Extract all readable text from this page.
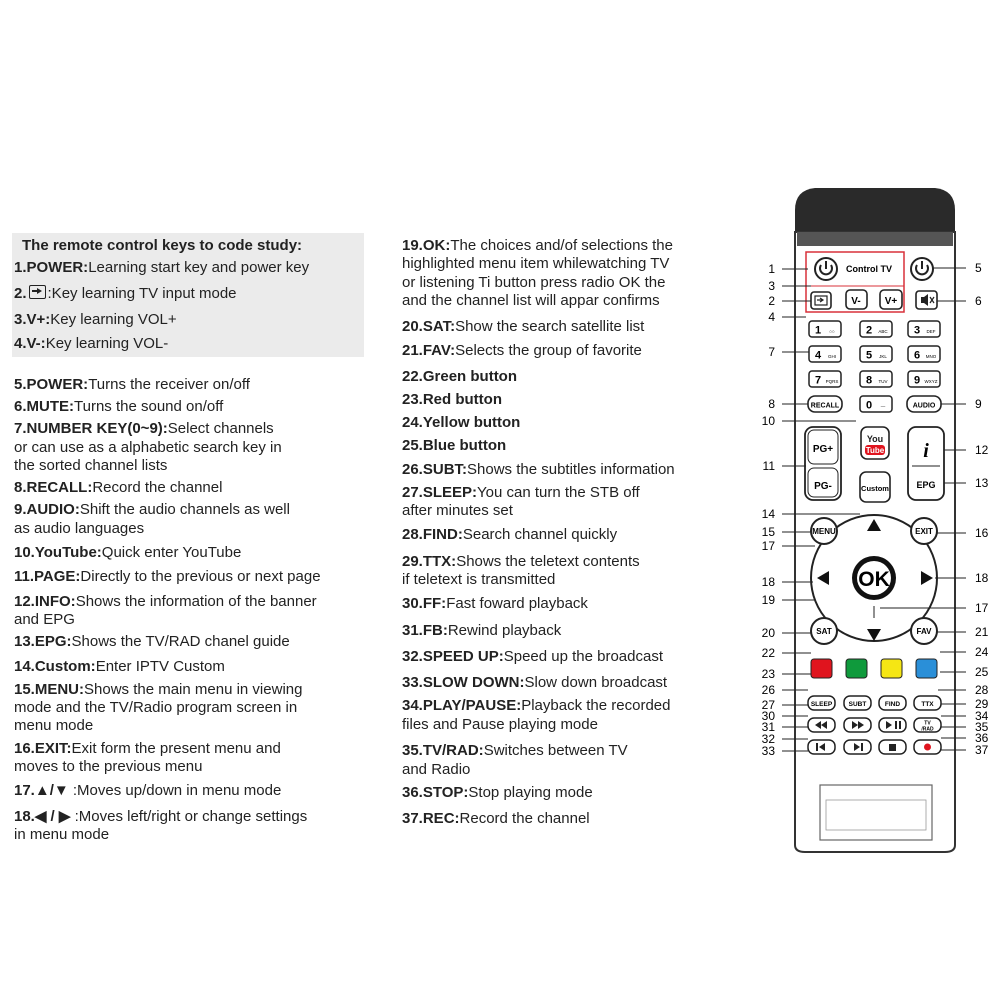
The remote control keys to code study:
1.POWER:Learning start key and power key
2. :Key learning TV input mode
3.V+:Key learning VOL+
4.V-:Key learning VOL-
5.POWER:Turns the receiver on/off
6.MUTE:Turns the sound on/off
7.NUMBER KEY(0~9):Select channels
or can use as a alphabetic search key in
the sorted channel lists
8.RECALL:Record the channel
9.AUDIO:Shift the audio channels as well
as audio languages
10.YouTube:Quick enter YouTube
11.PAGE:Directly to the previous or next page
12.INFO:Shows the information of the banner
and EPG
13.EPG:Shows the TV/RAD chanel guide
14.Custom:Enter IPTV Custom
15.MENU:Shows the main menu in viewing
mode and the TV/Radio program screen in
menu mode
16.EXIT:Exit form the present menu and
moves to the previous menu
17.▲/▼ :Moves up/down in menu mode
18.◀ / ▶ :Moves left/right or change settings
in menu mode
19.OK:The choices and/of selections the
highlighted menu item whilewatching TV
or listening Ti button press radio OK the
and the channel list will appar confirms
20.SAT:Show the search satellite list
21.FAV:Selects the group of favorite
22.Green button
23.Red button
24.Yellow button
25.Blue button
26.SUBT:Shows the subtitles information
27.SLEEP:You can turn the STB off
after minutes set
28.FIND:Search channel quickly
29.TTX:Shows the teletext contents
if teletext is transmitted
30.FF:Fast foward playback
31.FB:Rewind playback
32.SPEED UP:Speed up the broadcast
33.SLOW DOWN:Slow down broadcast
34.PLAY/PAUSE:Playback the recorded
files and Pause playing mode
35.TV/RAD:Switches between TV
and Radio
36.STOP:Stop playing mode
37.REC:Record the channel
Control TV
V- V+
1 ○○	2 ABC 3 DEF
4 GHI	5 JKL 6 MNO
7 PQRS	8 TUV 9 WXYZ
0 —
RECALL	AUDIO
PG+
PG-
You
Tube
Custom
i
EPG
OK
MENU	EXIT
SAT	FAV
SLEEP	SUBT	FIND	TTX
TV
/RAD
1
3
2
4
7
8
10
11
14
15
17
18
19
20
22
23
26
27
30
31
32
33
5
6
9
12
13
16
18
17
21
24
25
28
29
34
35
36
37
